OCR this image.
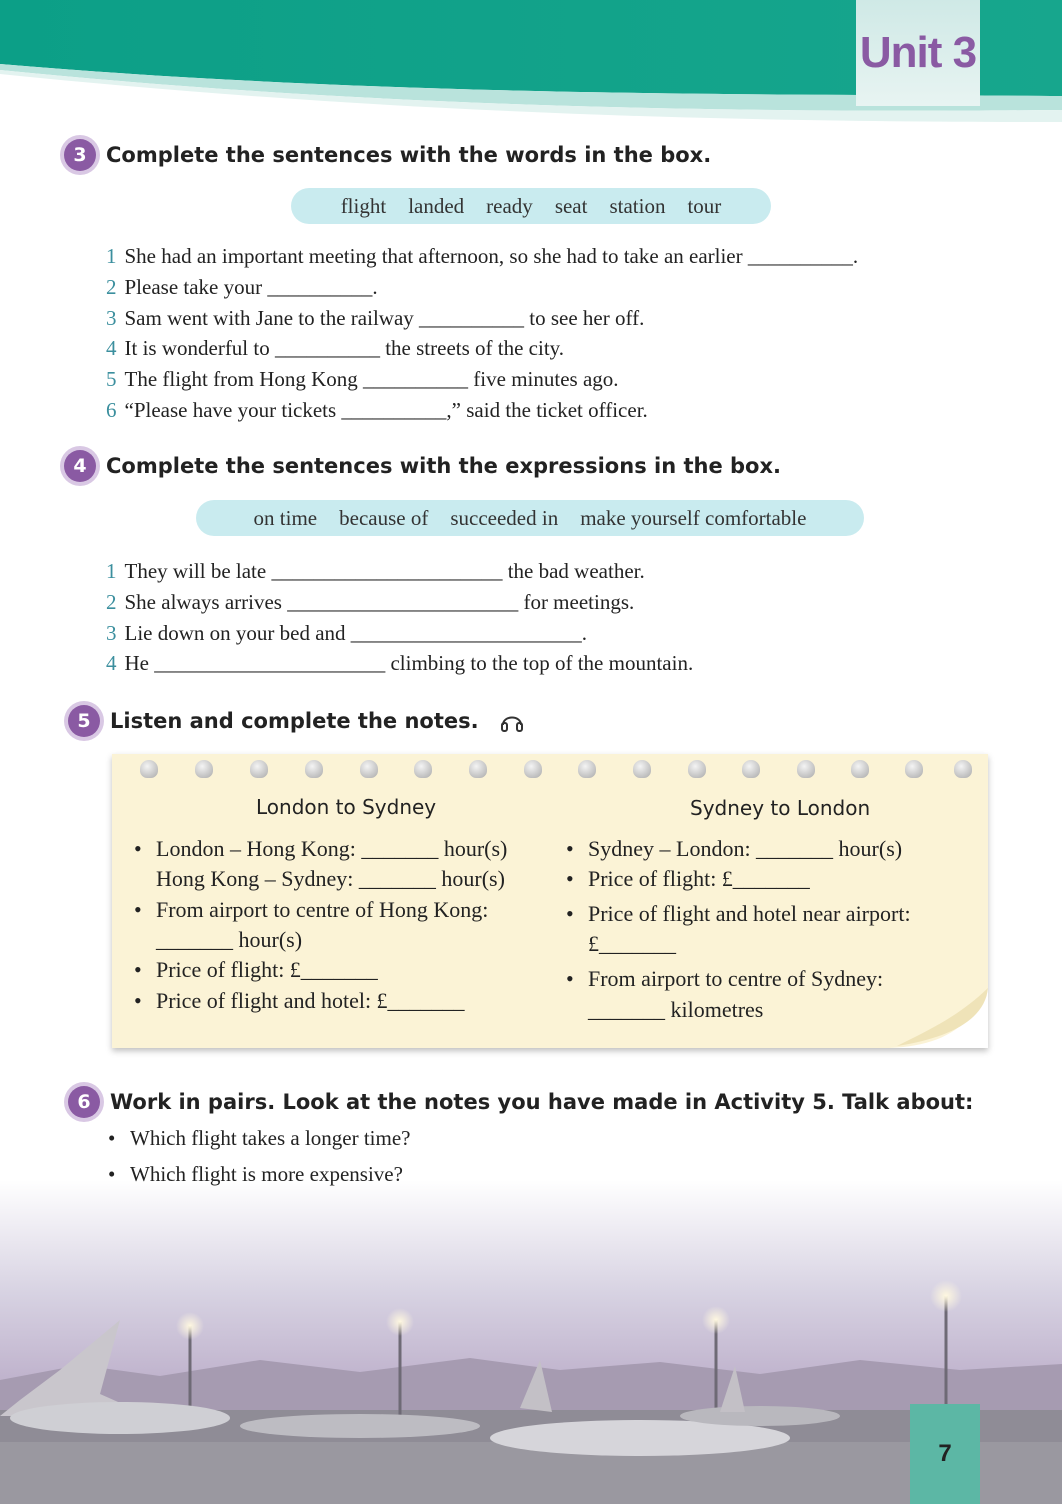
Unit 3
3 Complete the sentences with the words in the box.
flight landed ready seat station tour
1 She had an important meeting that afternoon, so she had to take an earlier __________.
2 Please take your __________.
3 Sam went with Jane to the railway __________ to see her off.
4 It is wonderful to __________ the streets of the city.
5 The flight from Hong Kong __________ five minutes ago.
6 “Please have your tickets __________,” said the ticket officer.
4 Complete the sentences with the expressions in the box.
on time because of succeeded in make yourself comfortable
1 They will be late ______________________ the bad weather.
2 She always arrives ______________________ for meetings.
3 Lie down on your bed and ______________________.
4 He ______________________ climbing to the top of the mountain.
5 Listen and complete the notes.
London to Sydney	Sydney to London
• London – Hong Kong: _______ hour(s)
Hong Kong – Sydney: _______ hour(s)
• From airport to centre of Hong Kong:
_______ hour(s)
• Price of flight: £_______
• Price of flight and hotel: £_______
• Sydney – London: _______ hour(s)
• Price of flight: £_______
• Price of flight and hotel near airport:
£_______
• From airport to centre of Sydney:
_______ kilometres
6 Work in pairs. Look at the notes you have made in Activity 5. Talk about:
• Which flight takes a longer time?
• Which flight is more expensive?
7
